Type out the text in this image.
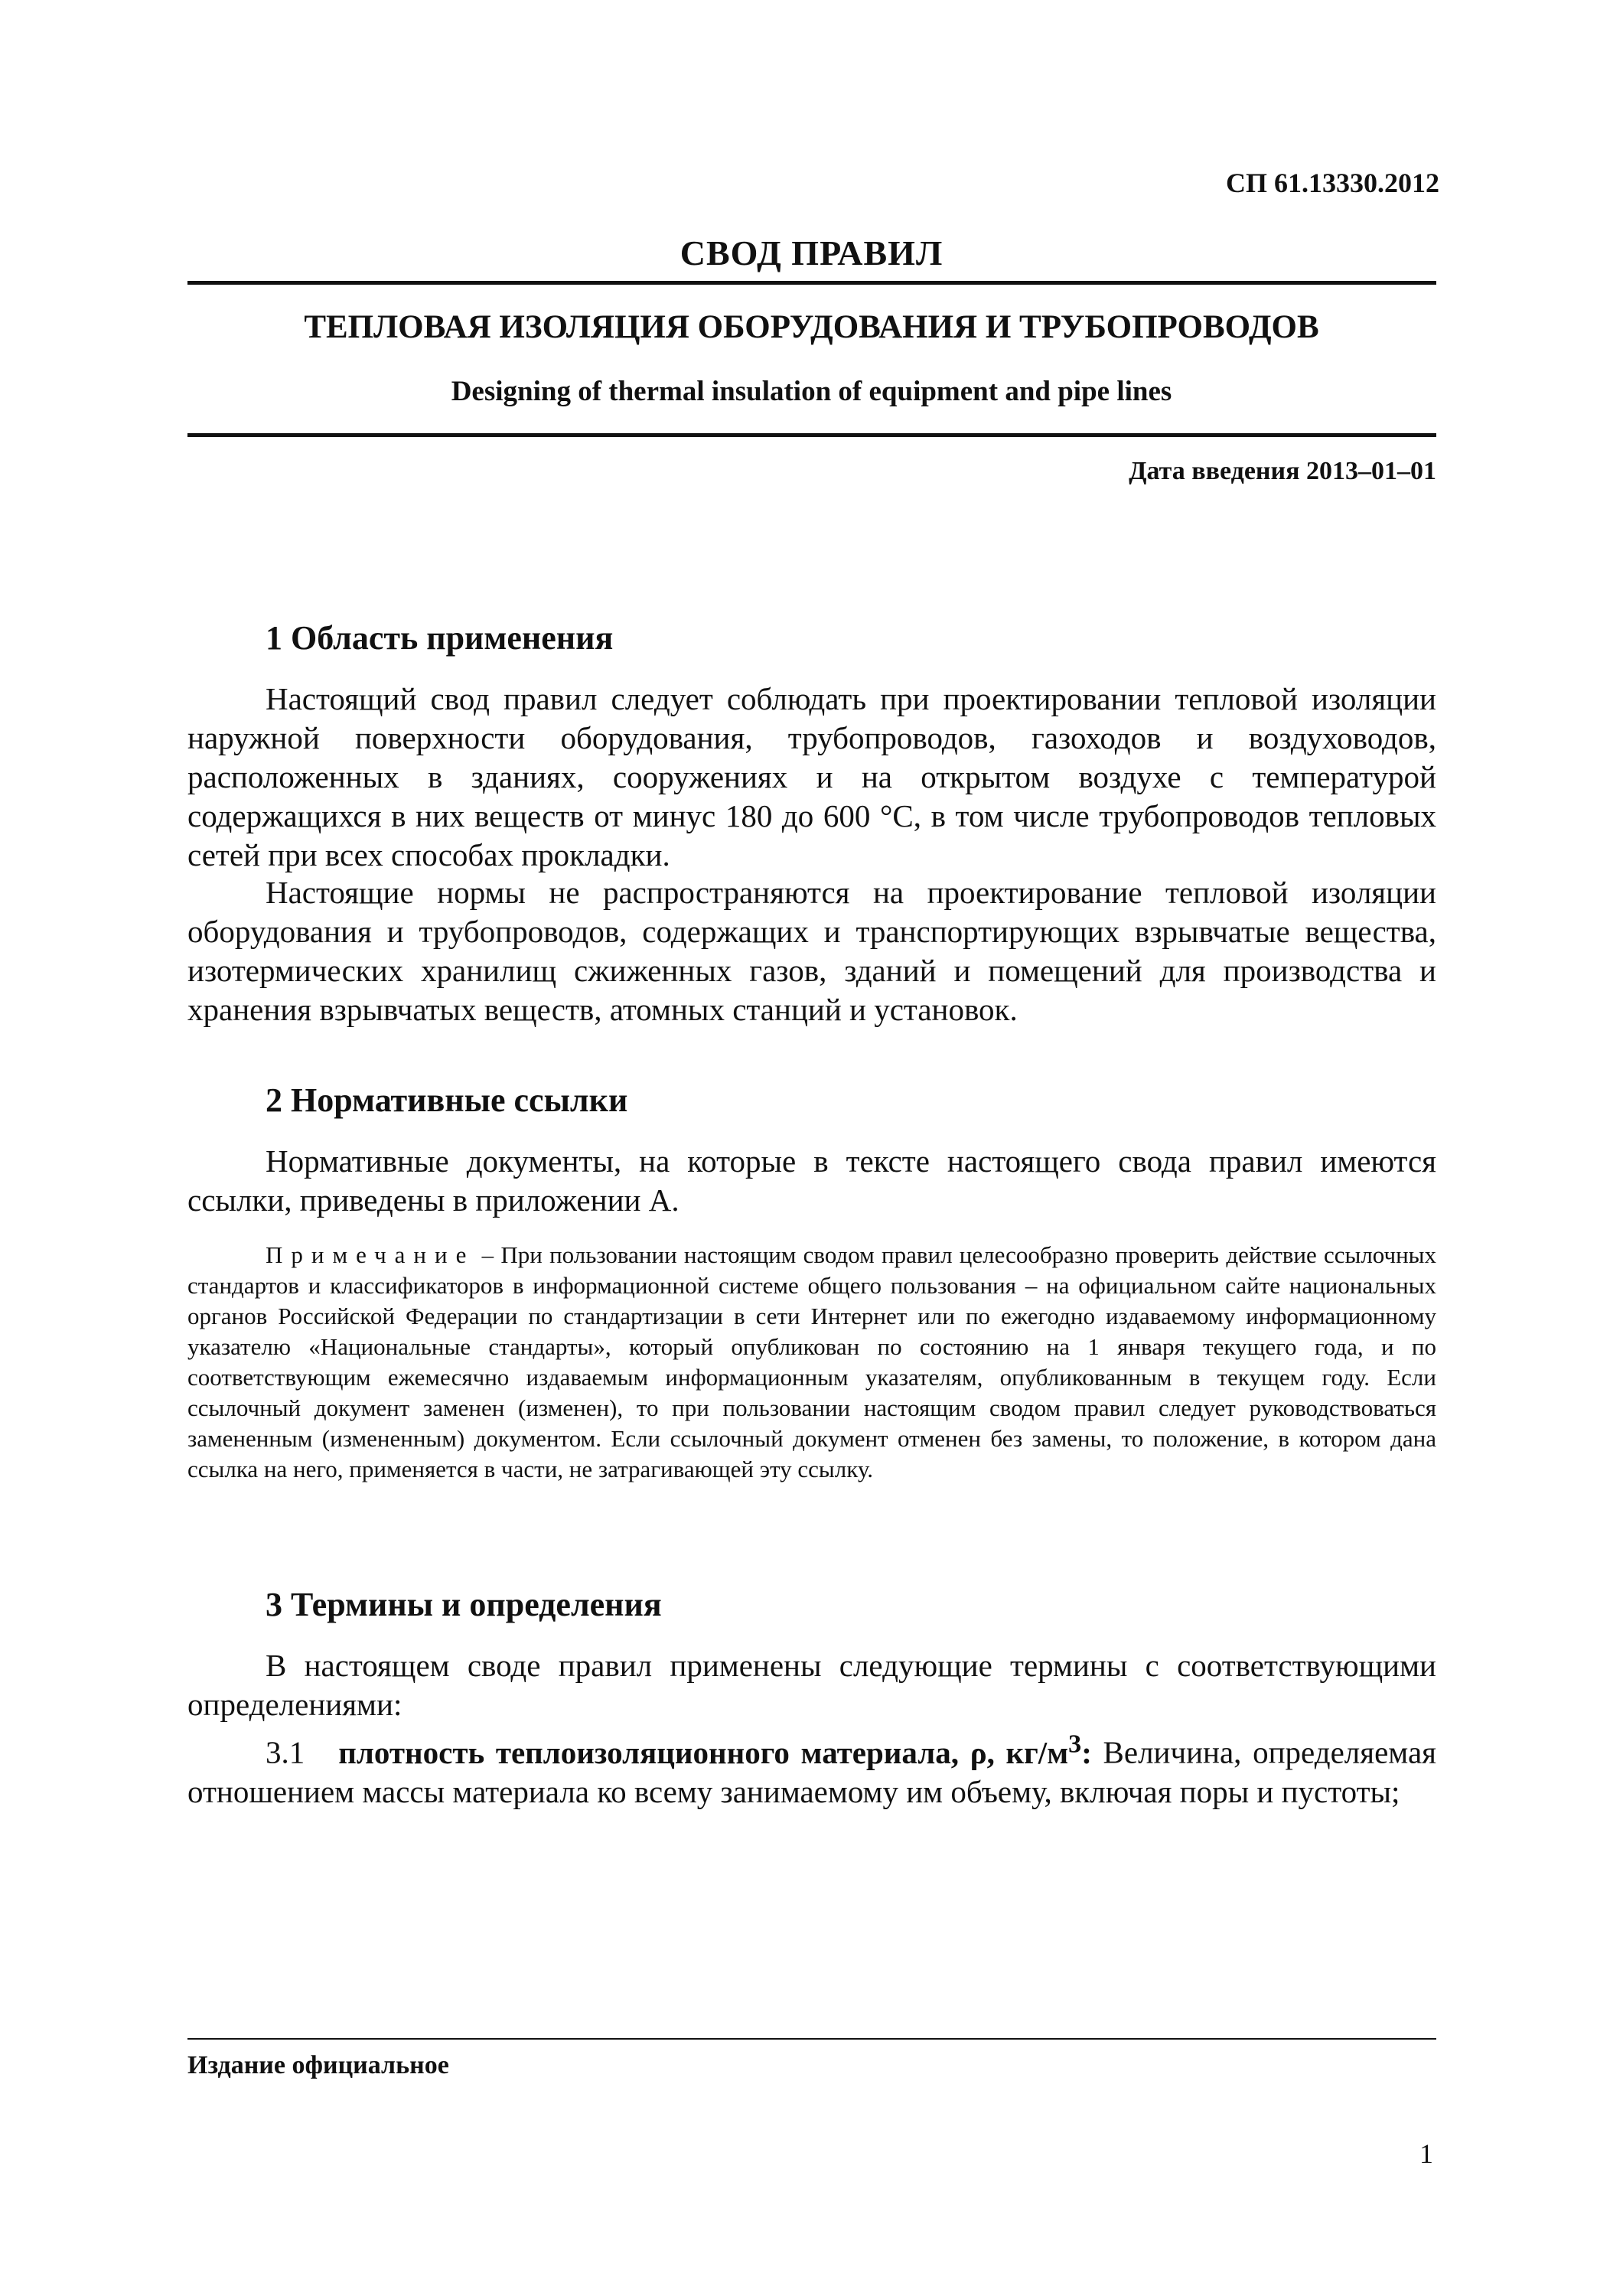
СП 61.13330.2012
СВОД ПРАВИЛ
ТЕПЛОВАЯ ИЗОЛЯЦИЯ ОБОРУДОВАНИЯ И ТРУБОПРОВОДОВ
Designing of thermal insulation of equipment and pipe lines
Дата введения 2013–01–01
1 Область применения

Настоящий свод правил следует соблюдать при проектировании тепловой изоляции наружной поверхности оборудования, трубопроводов, газоходов и воздуховодов, расположенных в зданиях, сооружениях и на открытом воздухе с температурой содержащихся в них веществ от минус 180 до 600 °C, в том числе трубопроводов тепловых сетей при всех способах прокладки.

Настоящие нормы не распространяются на проектирование тепловой изоляции оборудования и трубопроводов, содержащих и транспортирующих взрывчатые вещества, изотермических хранилищ сжиженных газов, зданий и помещений для производства и хранения взрывчатых веществ, атомных станций и установок.

2 Нормативные ссылки

Нормативные документы, на которые в тексте настоящего свода правил имеются ссылки, приведены в приложении А.

Примечание – При пользовании настоящим сводом правил целесообразно проверить действие ссылочных стандартов и классификаторов в информационной системе общего пользования – на официальном сайте национальных органов Российской Федерации по стандартизации в сети Интернет или по ежегодно издаваемому информационному указателю «Национальные стандарты», который опубликован по состоянию на 1 января текущего года, и по соответствующим ежемесячно издаваемым информационным указателям, опубликованным в текущем году. Если ссылочный документ заменен (изменен), то при пользовании настоящим сводом правил следует руководствоваться замененным (измененным) документом. Если ссылочный документ отменен без замены, то положение, в котором дана ссылка на него, применяется в части, не затрагивающей эту ссылку.

3 Термины и определения

В настоящем своде правил применены следующие термины с соответствующими определениями:

3.1 плотность теплоизоляционного материала, ρ, $кг/м^3$: Величина, определяемая отношением массы материала ко всему занимаемому им объему, включая поры и пустоты;

Издание официальное
1
